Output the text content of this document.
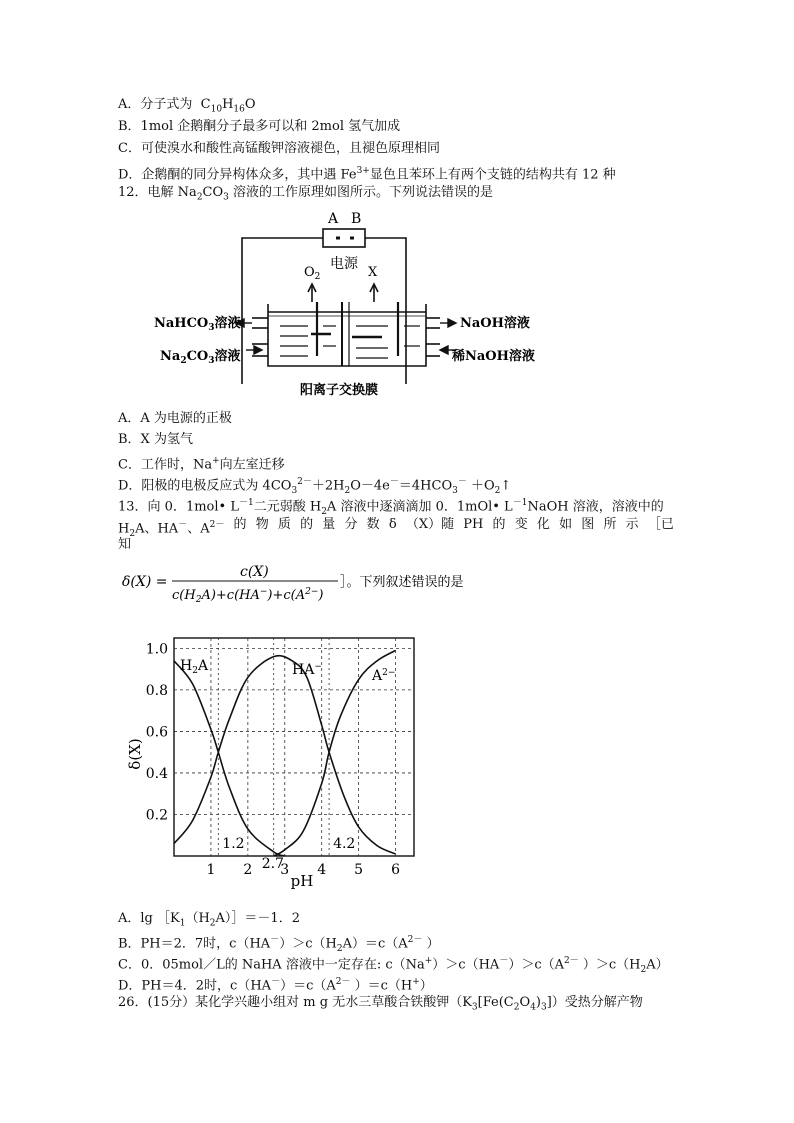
A．分子式为  $C_{10}H_{16}O$
B．1mol 企鹅酮分子最多可以和 2mol 氢气加成
C．可使溴水和酸性高锰酸钾溶液褪色，且褪色原理相同
D．企鹅酮的同分异构体众多，其中遇 $Fe^{3+}$显色且苯环上有两个支链的结构共有 12 种
12．电解 $Na_2CO_3$ 溶液的工作原理如图所示。下列说法错误的是
A B
电源
$O_2$	X
NaHCO$_3$溶液
$Na_2CO_3$溶液
NaOH溶液
稀NaOH溶液
阳离子交换膜
A．A 为电源的正极
B．X 为氢气
C．工作时，Na+向左室迁移
D．阳极的电极反应式为 $4CO_3^{2-}+2H_2O-4e^-=4HCO_3^-$ $+O_2↑$
13．向 0．1mol• $L^{-1}$二元弱酸 $H_2A$ 溶液中逐滴滴加 0．1mOl• $L^{-1}NaOH$ 溶液，溶液中的
$H_2A$、HA－、$A^{2-}$ 的 物 质 的 量 分 数 δ （X）随 PH 的 变 化 如 图 所 示 ［已
知
δ(X) =
c(X)
$c(H_2A)+c(HA^-)+c(A^{2-})$
］。下列叙述错误的是
1 2 3 4 5 6
0.2
0.4
0.6
0.8
1.0
1.2
2.7
4.2
δ(X)
pH
$H_2A$	HA−
$A^{2-}$
A．$\lg [K_1(H_2A)]=-1$．2
B．PH＝2．7时，$c(HA^-)>c(H_2A)=c(A^{2-}$ ）
C．0．05mol／L的 NaHA 溶液中一定存在: $c(Na^+)>c(HA^-)>c(A^{2-}$ ）$>c(H_2A)$
D．PH＝4．2时，$c(HA^-)=c(A^{2-}$ ）＝c（H+）
26．(15分）某化学兴趣小组对 m g 无水三草酸合铁酸钾$(K_3[Fe(C_2O_4)_3])$受热分解产物
